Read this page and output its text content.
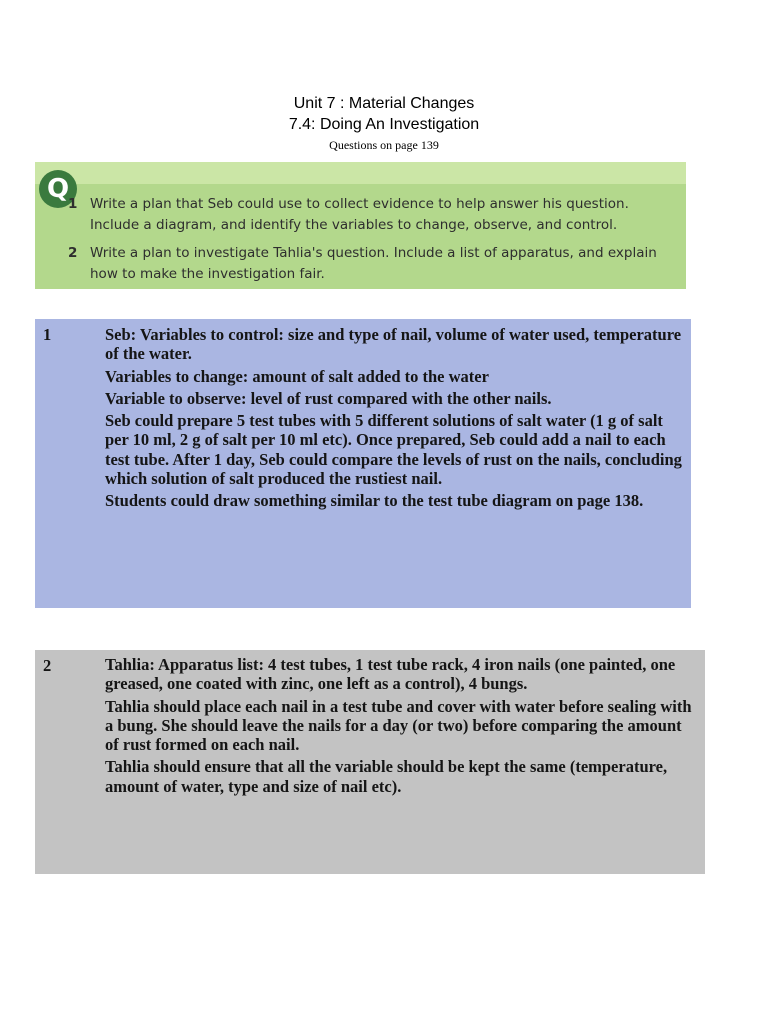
Unit 7 : Material Changes
7.4: Doing An Investigation
Questions on page 139
Q
1 Write a plan that Seb could use to collect evidence to help answer his question. Include a diagram, and identify the variables to change, observe, and control.
2 Write a plan to investigate Tahlia's question. Include a list of apparatus, and explain how to make the investigation fair.
1	Seb: Variables to control: size and type of nail, volume of water used, temperature of the water.
Variables to change: amount of salt added to the water
Variable to observe: level of rust compared with the other nails.
Seb could prepare 5 test tubes with 5 different solutions of salt water (1 g of salt per 10 ml, 2 g of salt per 10 ml etc). Once prepared, Seb could add a nail to each test tube. After 1 day, Seb could compare the levels of rust on the nails, concluding which solution of salt produced the rustiest nail.
Students could draw something similar to the test tube diagram on page 138.
2	Tahlia: Apparatus list: 4 test tubes, 1 test tube rack, 4 iron nails (one painted, one greased, one coated with zinc, one left as a control), 4 bungs.
Tahlia should place each nail in a test tube and cover with water before sealing with a bung. She should leave the nails for a day (or two) before comparing the amount of rust formed on each nail.
Tahlia should ensure that all the variable should be kept the same (temperature, amount of water, type and size of nail etc).
